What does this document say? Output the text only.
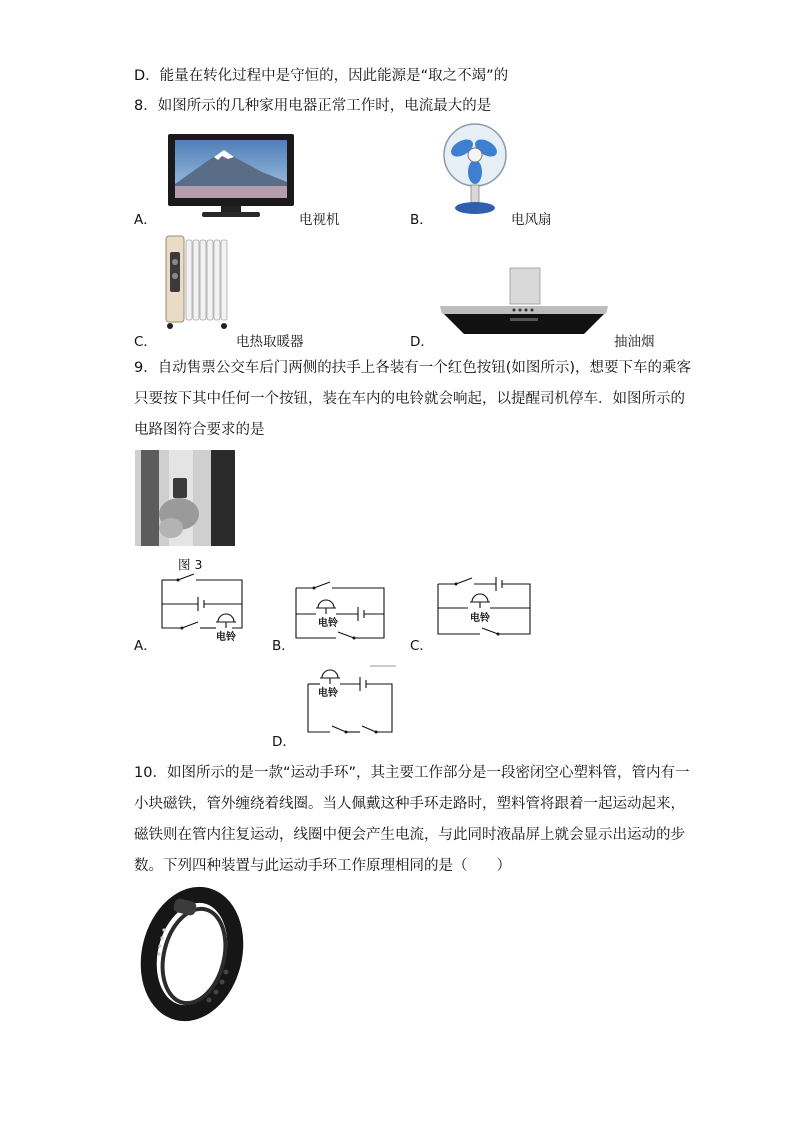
D．能量在转化过程中是守恒的，因此能源是“取之不竭”的
8．如图所示的几种家用电器正常工作时，电流最大的是
A．	电视机	B．	电风扇
C．	电热取暖器	D．	抽油烟
9．自动售票公交车后门两侧的扶手上各装有一个红色按钮(如图所示)，想要下车的乘客
只要按下其中任何一个按钮，装在车内的电铃就会响起，以提醒司机停车．如图所示的
电路图符合要求的是
图 3
A．
电铃
B．
电铃
C．
电铃
电铃
D．
10．如图所示的是一款“运动手环”，其主要工作部分是一段密闭空心塑料管，管内有一
小块磁铁，管外缠绕着线圈。当人佩戴这种手环走路时，塑料管将跟着一起运动起来，
磁铁则在管内往复运动，线圈中便会产生电流，与此同时液晶屏上就会显示出运动的步
数。下列四种装置与此运动手环工作原理相同的是（　　）
